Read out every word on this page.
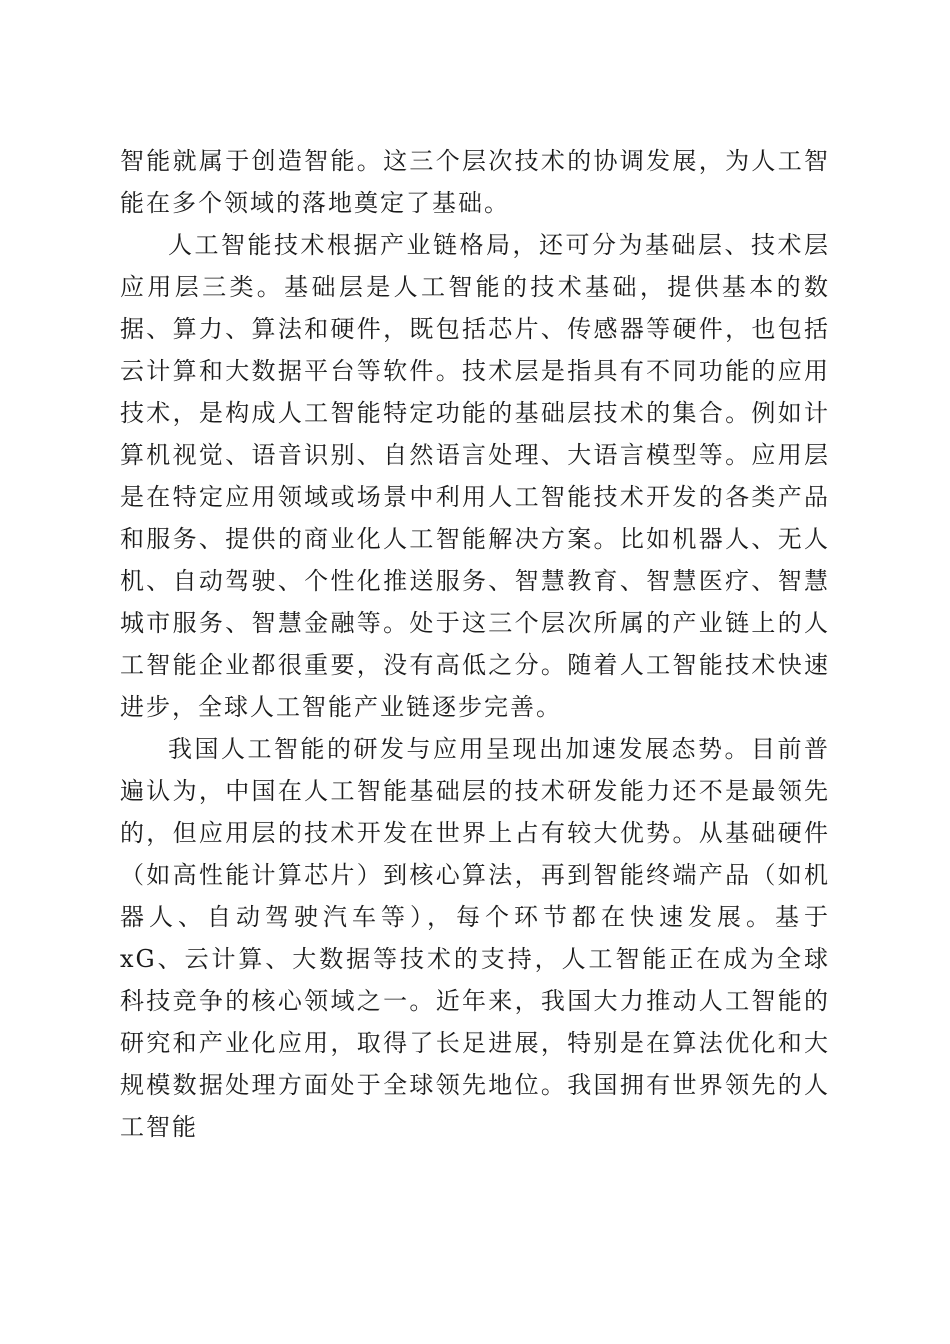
智能就属于创造智能。这三个层次技术的协调发展，为人工智能在多个领域的落地奠定了基础。

人工智能技术根据产业链格局，还可分为基础层、技术层应用层三类。基础层是人工智能的技术基础，提供基本的数据、算力、算法和硬件，既包括芯片、传感器等硬件，也包括云计算和大数据平台等软件。技术层是指具有不同功能的应用技术，是构成人工智能特定功能的基础层技术的集合。例如计算机视觉、语音识别、自然语言处理、大语言模型等。应用层是在特定应用领域或场景中利用人工智能技术开发的各类产品和服务、提供的商业化人工智能解决方案。比如机器人、无人机、自动驾驶、个性化推送服务、智慧教育、智慧医疗、智慧城市服务、智慧金融等。处于这三个层次所属的产业链上的人工智能企业都很重要，没有高低之分。随着人工智能技术快速进步，全球人工智能产业链逐步完善。

我国人工智能的研发与应用呈现出加速发展态势。目前普遍认为，中国在人工智能基础层的技术研发能力还不是最领先的，但应用层的技术开发在世界上占有较大优势。从基础硬件（如高性能计算芯片）到核心算法，再到智能终端产品（如机器人、自动驾驶汽车等），每个环节都在快速发展。基于 xG、云计算、大数据等技术的支持，人工智能正在成为全球科技竞争的核心领域之一。近年来，我国大力推动人工智能的研究和产业化应用，取得了长足进展，特别是在算法优化和大规模数据处理方面处于全球领先地位。我国拥有世界领先的人工智能
